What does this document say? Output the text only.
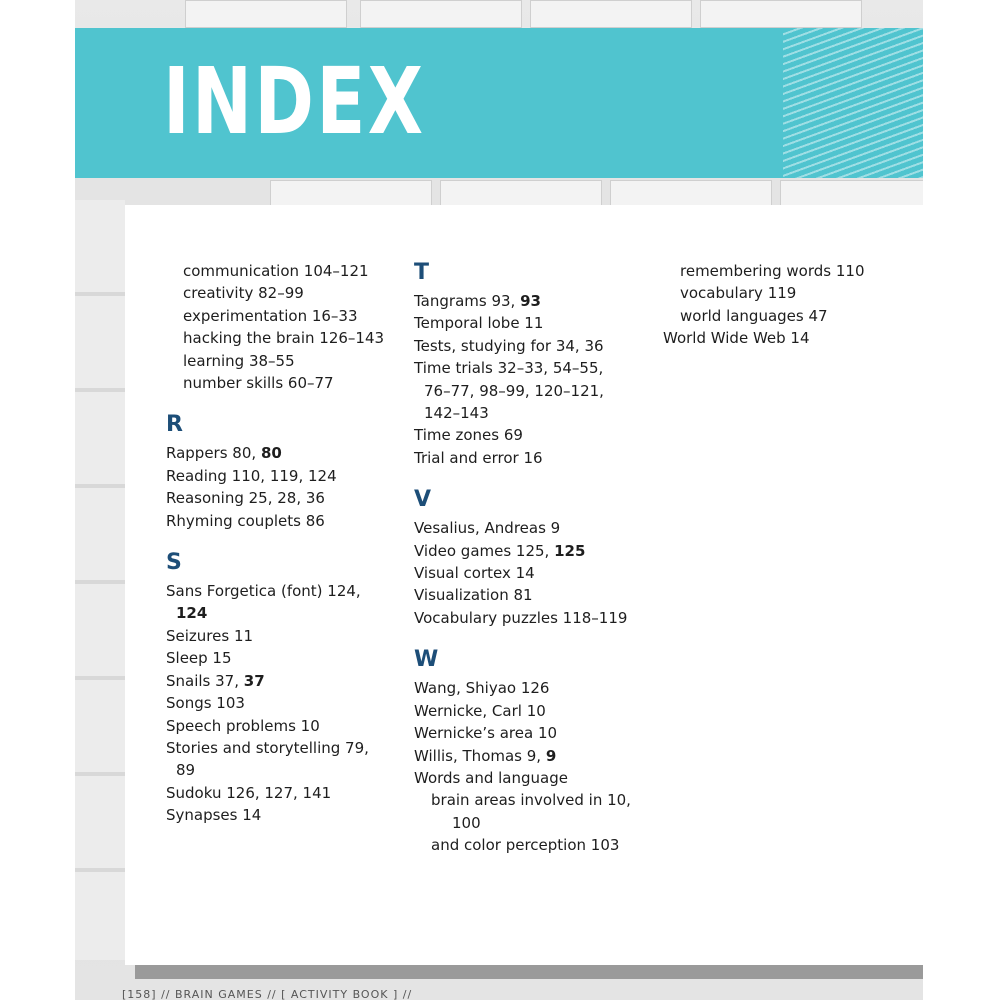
INDEX
communication 104–121
creativity 82–99
experimentation 16–33
hacking the brain 126–143
learning 38–55
number skills 60–77
R
Rappers 80, 80
Reading 110, 119, 124
Reasoning 25, 28, 36
Rhyming couplets 86
S
Sans Forgetica (font) 124,
124
Seizures 11
Sleep 15
Snails 37, 37
Songs 103
Speech problems 10
Stories and storytelling 79,
89
Sudoku 126, 127, 141
Synapses 14
T
Tangrams 93, 93
Temporal lobe 11
Tests, studying for 34, 36
Time trials 32–33, 54–55,
76–77, 98–99, 120–121,
142–143
Time zones 69
Trial and error 16
V
Vesalius, Andreas 9
Video games 125, 125
Visual cortex 14
Visualization 81
Vocabulary puzzles 118–119
W
Wang, Shiyao 126
Wernicke, Carl 10
Wernicke’s area 10
Willis, Thomas 9, 9
Words and language
brain areas involved in 10,
100
and color perception 103
remembering words 110
vocabulary 119
world languages 47
World Wide Web 14
[158] // BRAIN GAMES // [ ACTIVITY BOOK ] //
